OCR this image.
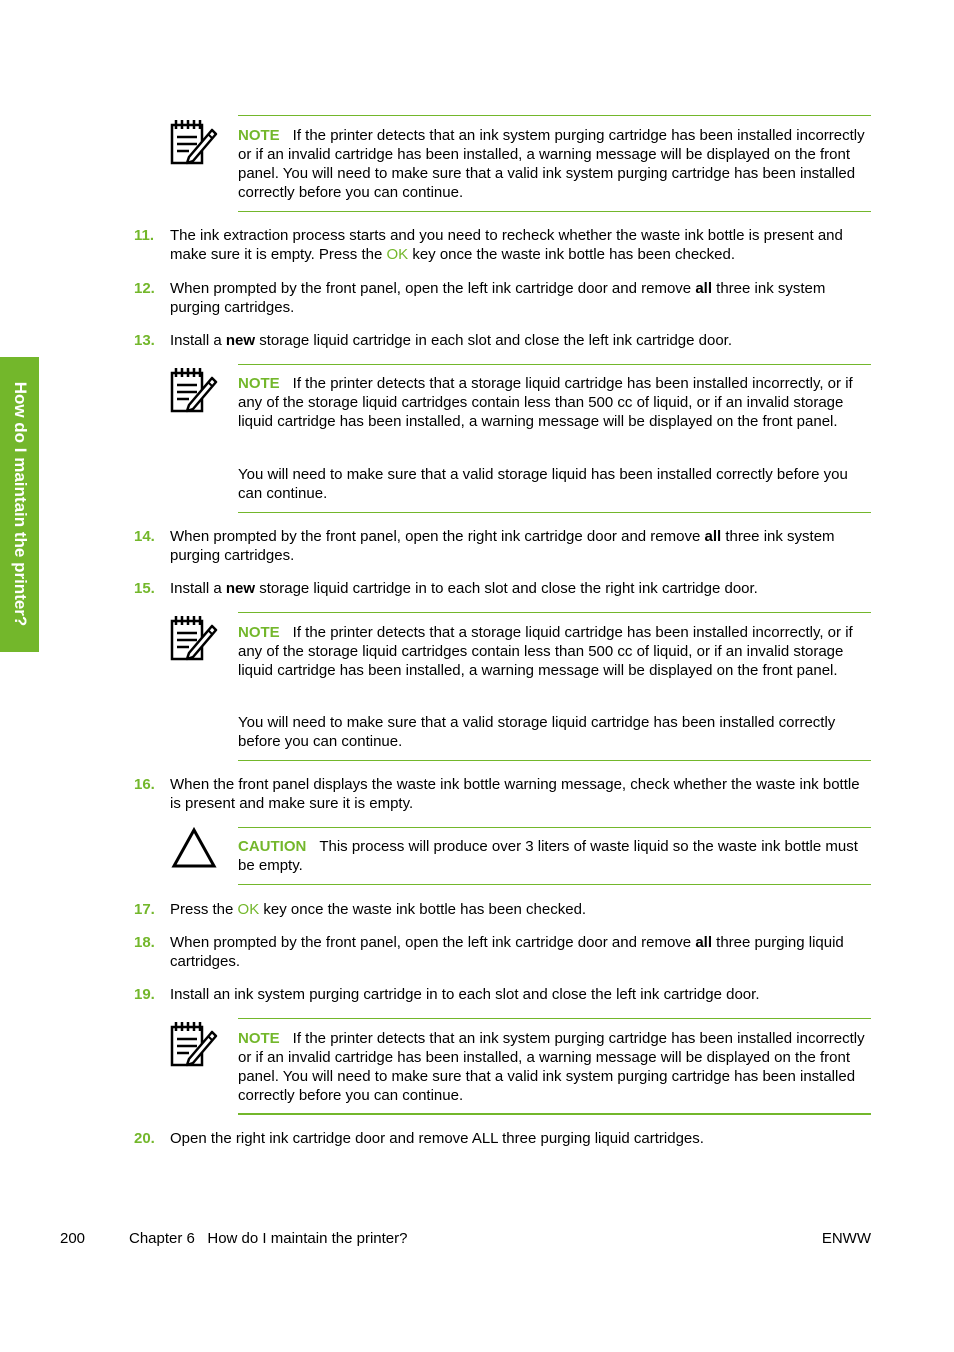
How do I maintain the printer?

NOTE If the printer detects that an ink system purging cartridge has been installed incorrectly or if an invalid cartridge has been installed, a warning message will be displayed on the front panel. You will need to make sure that a valid ink system purging cartridge has been installed correctly before you can continue.

11. The ink extraction process starts and you need to recheck whether the waste ink bottle is present and make sure it is empty. Press the OK key once the waste ink bottle has been checked.

12. When prompted by the front panel, open the left ink cartridge door and remove all three ink system purging cartridges.

13. Install a new storage liquid cartridge in each slot and close the left ink cartridge door.

NOTE If the printer detects that a storage liquid cartridge has been installed incorrectly, or if any of the storage liquid cartridges contain less than 500 cc of liquid, or if an invalid storage liquid cartridge has been installed, a warning message will be displayed on the front panel.

You will need to make sure that a valid storage liquid has been installed correctly before you can continue.

14. When prompted by the front panel, open the right ink cartridge door and remove all three ink system purging cartridges.

15. Install a new storage liquid cartridge in to each slot and close the right ink cartridge door.

NOTE If the printer detects that a storage liquid cartridge has been installed incorrectly, or if any of the storage liquid cartridges contain less than 500 cc of liquid, or if an invalid storage liquid cartridge has been installed, a warning message will be displayed on the front panel.

You will need to make sure that a valid storage liquid cartridge has been installed correctly before you can continue.

16. When the front panel displays the waste ink bottle warning message, check whether the waste ink bottle is present and make sure it is empty.

CAUTION This process will produce over 3 liters of waste liquid so the waste ink bottle must be empty.

17. Press the OK key once the waste ink bottle has been checked.

18. When prompted by the front panel, open the left ink cartridge door and remove all three purging liquid cartridges.

19. Install an ink system purging cartridge in to each slot and close the left ink cartridge door.

NOTE If the printer detects that an ink system purging cartridge has been installed incorrectly or if an invalid cartridge has been installed, a warning message will be displayed on the front panel. You will need to make sure that a valid ink system purging cartridge has been installed correctly before you can continue.

20. Open the right ink cartridge door and remove ALL three purging liquid cartridges.

200	Chapter 6   How do I maintain the printer?	ENWW
